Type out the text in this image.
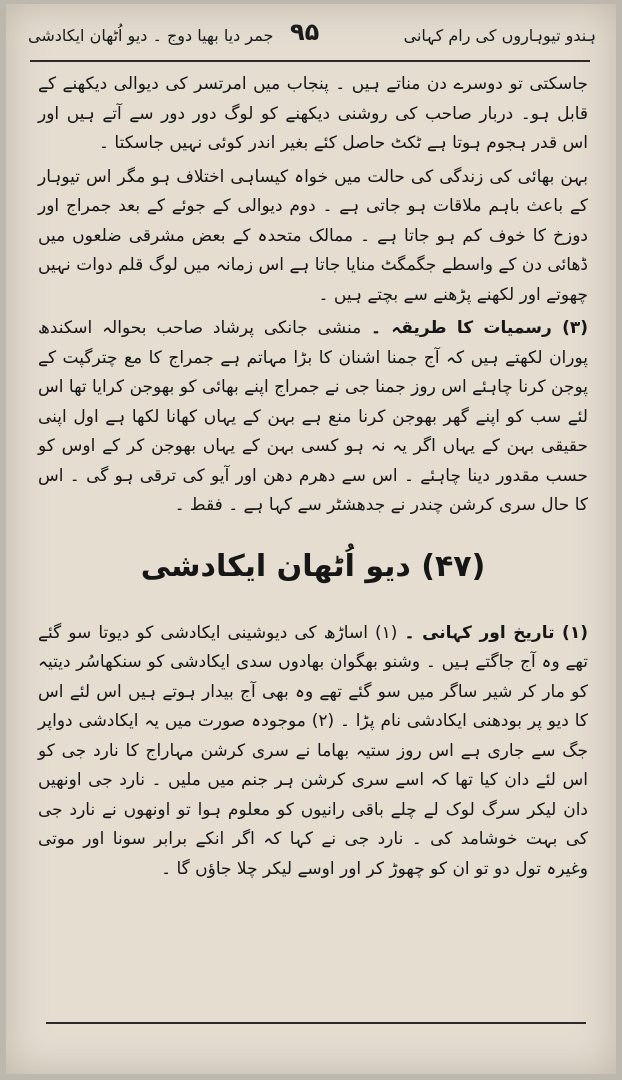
ہندو تیوہاروں کی رام کہانی
۹۵
جمر دیا بھیا دوج ۔ دیو اُٹھان ایکادشی

جاسکتی تو دوسرے دن مناتے ہیں ۔ پنجاب میں امرتسر کی دیوالی دیکھنے کے قابل ہو۔ دربار صاحب کی روشنی دیکھنے کو لوگ دور دور سے آتے ہیں اور اس قدر ہجوم ہوتا ہے ٹکٹ حاصل کئے بغیر اندر کوئی نہیں جاسکتا ۔

بہن بھائی کی زندگی کی حالت میں خواہ کیساہی اختلاف ہو مگر اس تیوہار کے باعث باہم ملاقات ہو جاتی ہے ۔ دوم دیوالی کے جوئے کے بعد جمراج اور دوزخ کا خوف کم ہو جاتا ہے ۔ ممالک متحدہ کے بعض مشرقی ضلعوں میں ڈھائی دن کے واسطے جگمگٹ منایا جاتا ہے اس زمانہ میں لوگ قلم دوات نہیں چھوتے اور لکھنے پڑھنے سے بچتے ہیں ۔

(۳) رسمیات کا طریقہ ۔ منشی جانکی پرشاد صاحب بحوالہ اسکندھ پوران لکھتے ہیں کہ آج جمنا اشنان کا بڑا مہاتم ہے جمراج کا مع چترگپت کے پوجن کرنا چاہئے اس روز جمنا جی نے جمراج اپنے بھائی کو بھوجن کرایا تھا اس لئے سب کو اپنے گھر بھوجن کرنا منع ہے بہن کے یہاں کھانا لکھا ہے اول اپنی حقیقی بہن کے یہاں اگر یہ نہ ہو کسی بہن کے یہاں بھوجن کر کے اوس کو حسب مقدور دینا چاہئے ۔ اس سے دھرم دھن اور آیو کی ترقی ہو گی ۔ اس کا حال سری کرشن چندر نے جدھشٹر سے کہا ہے ۔ فقط ۔

(۴۷) دیو اُٹھان ایکادشی

(۱) تاریخ اور کہانی ۔ (۱) اساڑھ کی دیوشینی ایکادشی کو دیوتا سو گئے تھے وہ آج جاگتے ہیں ۔ وشنو بھگوان بھادوں سدی ایکادشی کو سنکھاسُر دیتیہ کو مار کر شیر ساگر میں سو گئے تھے وہ بھی آج بیدار ہوتے ہیں اس لئے اس کا دیو پر بودھنی ایکادشی نام پڑا ۔ (۲) موجودہ صورت میں یہ ایکادشی دواپر جگ سے جاری ہے اس روز ستیہ بھاما نے سری کرشن مہاراج کا نارد جی کو اس لئے دان کیا تھا کہ اسے سری کرشن ہر جنم میں ملیں ۔ نارد جی اونھیں دان لیکر سرگ لوک لے چلے باقی رانیوں کو معلوم ہوا تو اونھوں نے نارد جی کی بہت خوشامد کی ۔ نارد جی نے کہا کہ اگر انکے برابر سونا اور موتی وغیرہ تول دو تو ان کو چھوڑ کر اور اوسے لیکر چلا جاؤں گا ۔
